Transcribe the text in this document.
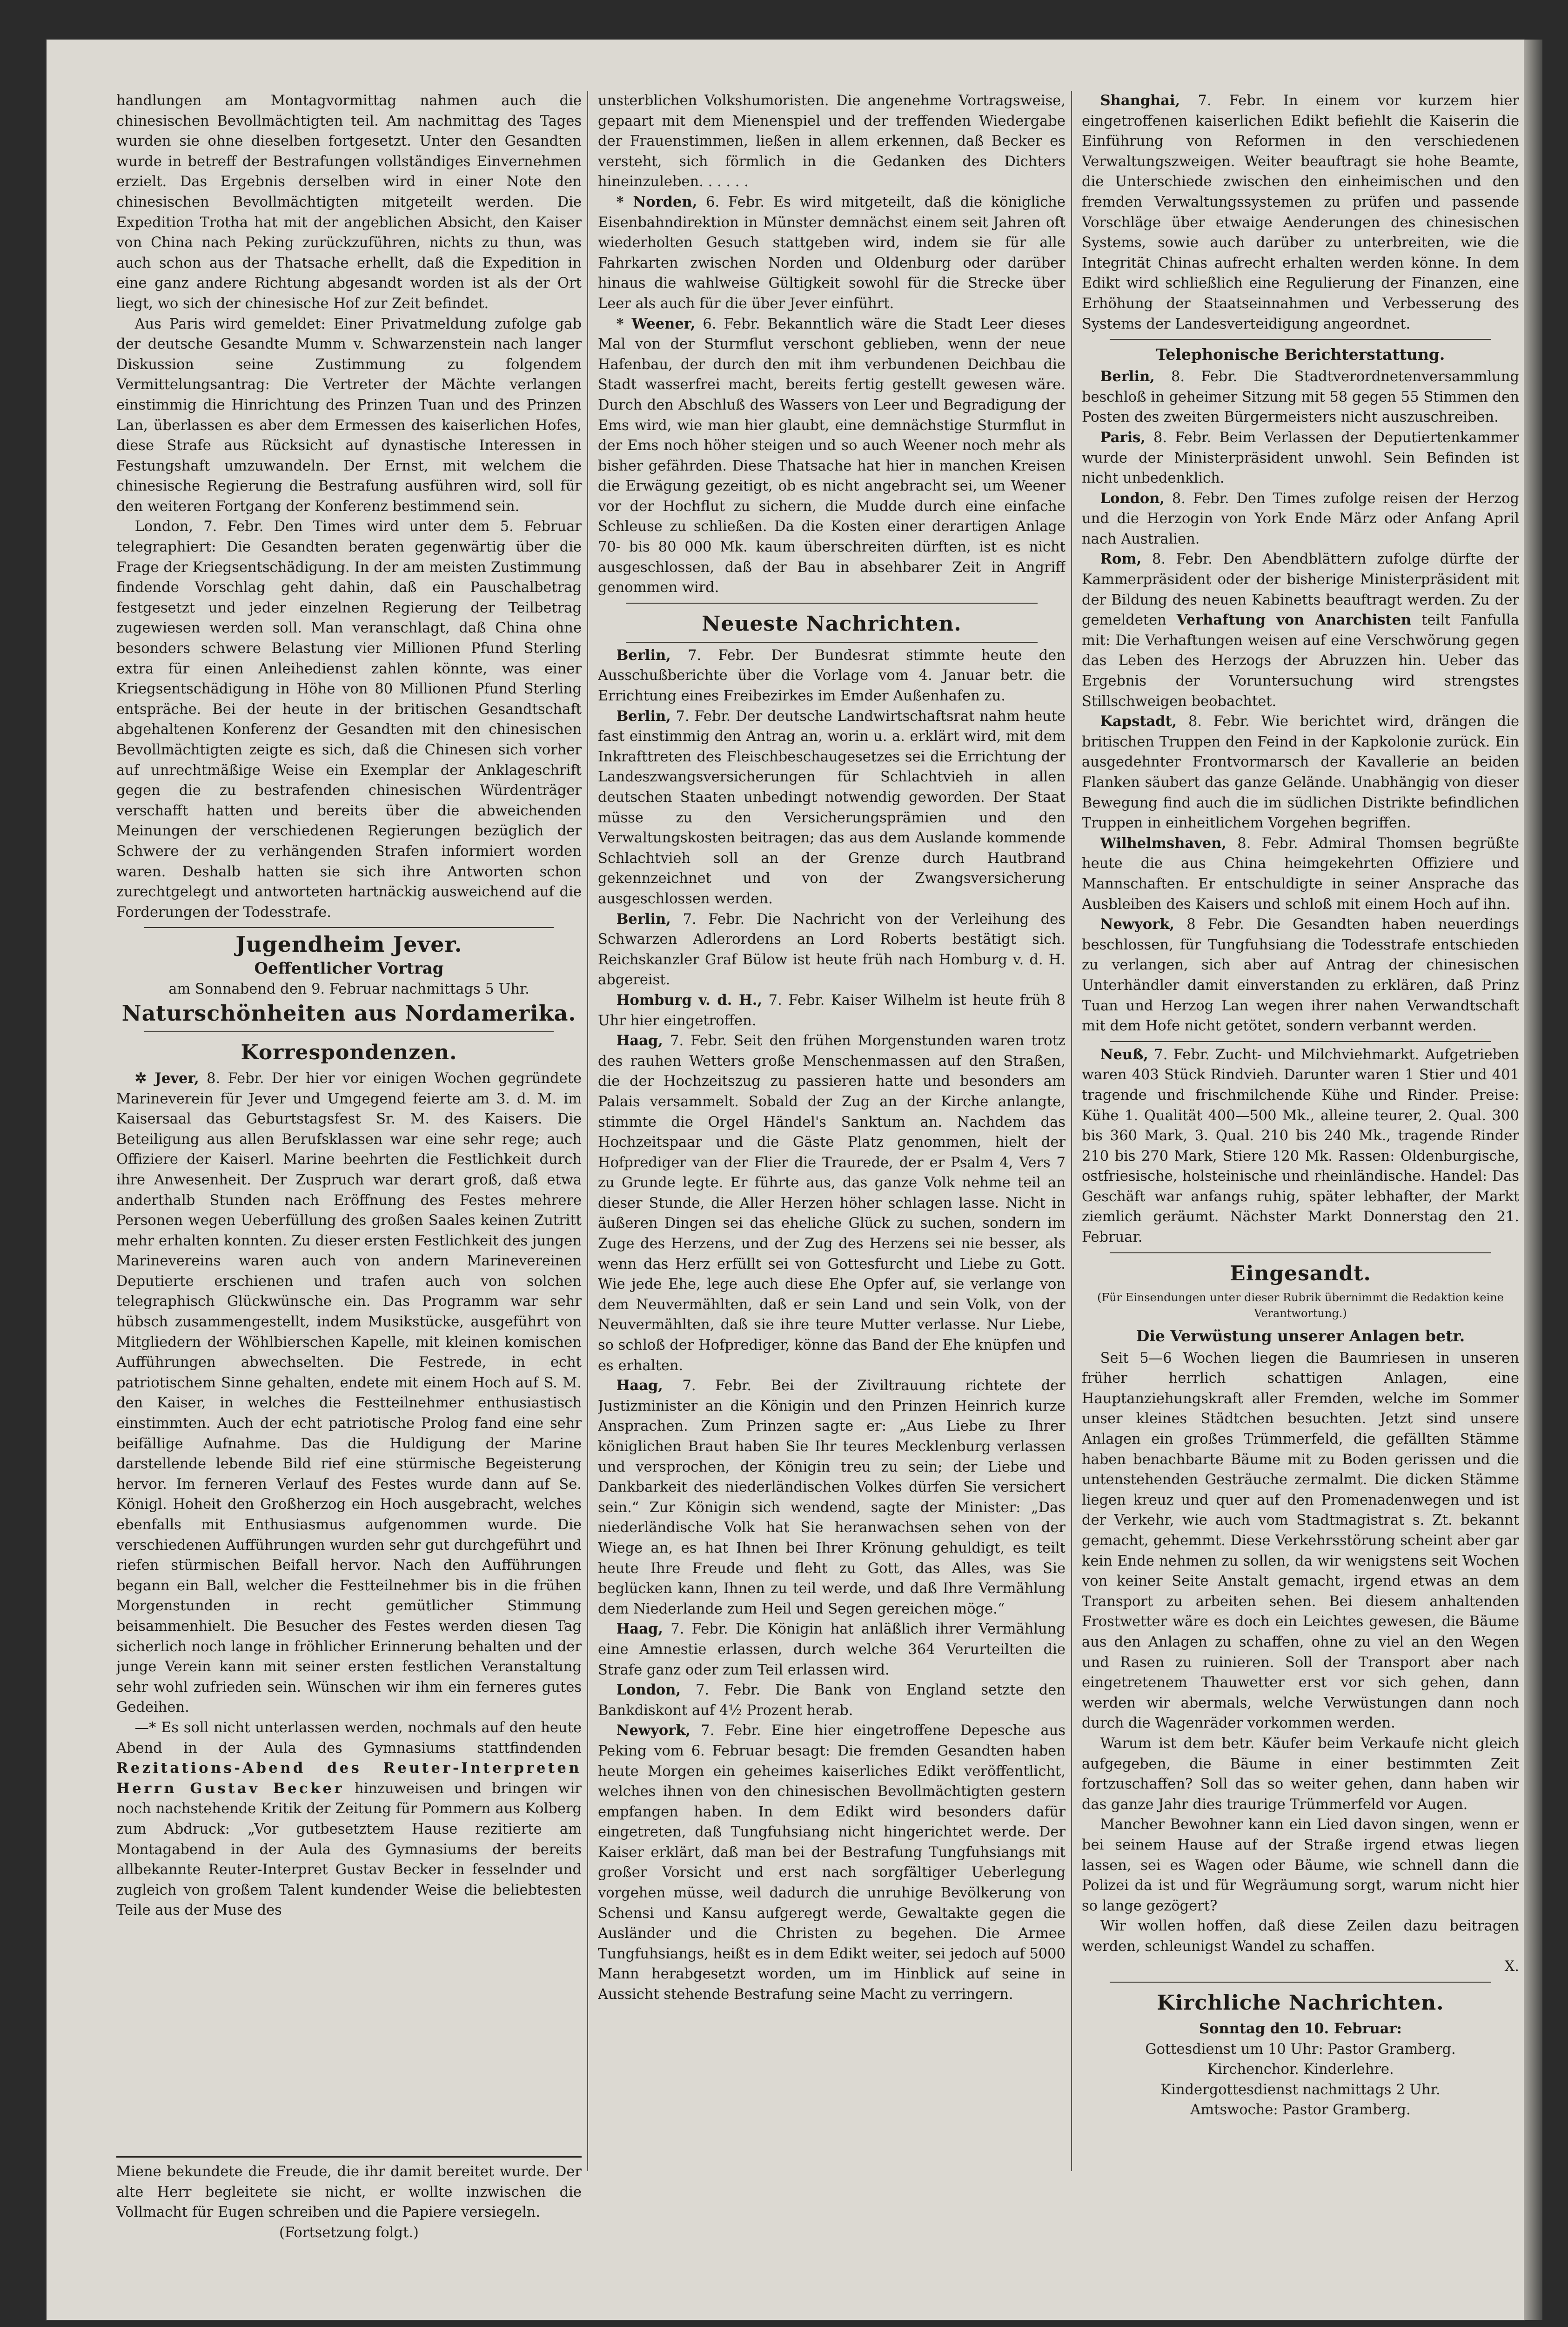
handlungen am Montagvormittag nahmen auch die chinesischen Bevollmächtigten teil. Am nachmittag des Tages wurden sie ohne dieselben fortgesetzt. Unter den Gesandten wurde in betreff der Bestrafungen vollständiges Einvernehmen erzielt. Das Ergebnis derselben wird in einer Note den chinesischen Bevollmächtigten mitgeteilt werden. Die Expedition Trotha hat mit der angeblichen Absicht, den Kaiser von China nach Peking zurückzuführen, nichts zu thun, was auch schon aus der Thatsache erhellt, daß die Expedition in eine ganz andere Richtung abgesandt worden ist als der Ort liegt, wo sich der chinesische Hof zur Zeit befindet.

Aus Paris wird gemeldet: Einer Privatmeldung zufolge gab der deutsche Gesandte Mumm v. Schwarzenstein nach langer Diskussion seine Zustimmung zu folgendem Vermittelungsantrag: Die Vertreter der Mächte verlangen einstimmig die Hinrichtung des Prinzen Tuan und des Prinzen Lan, überlassen es aber dem Ermessen des kaiserlichen Hofes, diese Strafe aus Rücksicht auf dynastische Interessen in Festungshaft umzuwandeln. Der Ernst, mit welchem die chinesische Regierung die Bestrafung ausführen wird, soll für den weiteren Fortgang der Konferenz bestimmend sein.

London, 7. Febr. Den Times wird unter dem 5. Februar telegraphiert: Die Gesandten beraten gegenwärtig über die Frage der Kriegsentschädigung. In der am meisten Zustimmung findende Vorschlag geht dahin, daß ein Pauschalbetrag festgesetzt und jeder einzelnen Regierung der Teilbetrag zugewiesen werden soll. Man veranschlagt, daß China ohne besonders schwere Belastung vier Millionen Pfund Sterling extra für einen Anleihedienst zahlen könnte, was einer Kriegsentschädigung in Höhe von 80 Millionen Pfund Sterling entspräche. Bei der heute in der britischen Gesandtschaft abgehaltenen Konferenz der Gesandten mit den chinesischen Bevollmächtigten zeigte es sich, daß die Chinesen sich vorher auf unrechtmäßige Weise ein Exemplar der Anklageschrift gegen die zu bestrafenden chinesischen Würdenträger verschafft hatten und bereits über die abweichenden Meinungen der verschiedenen Regierungen bezüglich der Schwere der zu verhängenden Strafen informiert worden waren. Deshalb hatten sie sich ihre Antworten schon zurechtgelegt und antworteten hartnäckig ausweichend auf die Forderungen der Todesstrafe.

Jugendheim Jever.
Oeffentlicher Vortrag
am Sonnabend den 9. Februar nachmittags 5 Uhr.
Naturschönheiten aus Nordamerika.
Korrespondenzen.

✲ Jever, 8. Febr. Der hier vor einigen Wochen gegründete Marineverein für Jever und Umgegend feierte am 3. d. M. im Kaisersaal das Geburtstagsfest Sr. M. des Kaisers. Die Beteiligung aus allen Berufsklassen war eine sehr rege; auch Offiziere der Kaiserl. Marine beehrten die Festlichkeit durch ihre Anwesenheit. Der Zuspruch war derart groß, daß etwa anderthalb Stunden nach Eröffnung des Festes mehrere Personen wegen Ueberfüllung des großen Saales keinen Zutritt mehr erhalten konnten. Zu dieser ersten Festlichkeit des jungen Marinevereins waren auch von andern Marinevereinen Deputierte erschienen und trafen auch von solchen telegraphisch Glückwünsche ein. Das Programm war sehr hübsch zusammengestellt, indem Musikstücke, ausgeführt von Mitgliedern der Wöhlbierschen Kapelle, mit kleinen komischen Aufführungen abwechselten. Die Festrede, in echt patriotischem Sinne gehalten, endete mit einem Hoch auf S. M. den Kaiser, in welches die Festteilnehmer enthusiastisch einstimmten. Auch der echt patriotische Prolog fand eine sehr beifällige Aufnahme. Das die Huldigung der Marine darstellende lebende Bild rief eine stürmische Begeisterung hervor. Im ferneren Verlauf des Festes wurde dann auf Se. Königl. Hoheit den Großherzog ein Hoch ausgebracht, welches ebenfalls mit Enthusiasmus aufgenommen wurde. Die verschiedenen Aufführungen wurden sehr gut durchgeführt und riefen stürmischen Beifall hervor. Nach den Aufführungen begann ein Ball, welcher die Festteilnehmer bis in die frühen Morgenstunden in recht gemütlicher Stimmung beisammenhielt. Die Besucher des Festes werden diesen Tag sicherlich noch lange in fröhlicher Erinnerung behalten und der junge Verein kann mit seiner ersten festlichen Veranstaltung sehr wohl zufrieden sein. Wünschen wir ihm ein ferneres gutes Gedeihen.

—* Es soll nicht unterlassen werden, nochmals auf den heute Abend in der Aula des Gymnasiums stattfindenden Rezitations-Abend des Reuter-Interpreten Herrn Gustav Becker hinzuweisen und bringen wir noch nachstehende Kritik der Zeitung für Pommern aus Kolberg zum Abdruck: „Vor gutbesetztem Hause rezitierte am Montagabend in der Aula des Gymnasiums der bereits allbekannte Reuter-Interpret Gustav Becker in fesselnder und zugleich von großem Talent kundender Weise die beliebtesten Teile aus der Muse des

Miene bekundete die Freude, die ihr damit bereitet wurde. Der alte Herr begleitete sie nicht, er wollte inzwischen die Vollmacht für Eugen schreiben und die Papiere versiegeln.

(Fortsetzung folgt.)

unsterblichen Volkshumoristen. Die angenehme Vortragsweise, gepaart mit dem Mienenspiel und der treffenden Wiedergabe der Frauenstimmen, ließen in allem erkennen, daß Becker es versteht, sich förmlich in die Gedanken des Dichters hineinzuleben. . . . . .

* Norden, 6. Febr. Es wird mitgeteilt, daß die königliche Eisenbahndirektion in Münster demnächst einem seit Jahren oft wiederholten Gesuch stattgeben wird, indem sie für alle Fahrkarten zwischen Norden und Oldenburg oder darüber hinaus die wahlweise Gültigkeit sowohl für die Strecke über Leer als auch für die über Jever einführt.

* Weener, 6. Febr. Bekanntlich wäre die Stadt Leer dieses Mal von der Sturmflut verschont geblieben, wenn der neue Hafenbau, der durch den mit ihm verbundenen Deichbau die Stadt wasserfrei macht, bereits fertig gestellt gewesen wäre. Durch den Abschluß des Wassers von Leer und Begradigung der Ems wird, wie man hier glaubt, eine demnächstige Sturmflut in der Ems noch höher steigen und so auch Weener noch mehr als bisher gefährden. Diese Thatsache hat hier in manchen Kreisen die Erwägung gezeitigt, ob es nicht angebracht sei, um Weener vor der Hochflut zu sichern, die Mudde durch eine einfache Schleuse zu schließen. Da die Kosten einer derartigen Anlage 70- bis 80 000 Mk. kaum überschreiten dürften, ist es nicht ausgeschlossen, daß der Bau in absehbarer Zeit in Angriff genommen wird.

Neueste Nachrichten.

Berlin, 7. Febr. Der Bundesrat stimmte heute den Ausschußberichte über die Vorlage vom 4. Januar betr. die Errichtung eines Freibezirkes im Emder Außenhafen zu.

Berlin, 7. Febr. Der deutsche Landwirtschaftsrat nahm heute fast einstimmig den Antrag an, worin u. a. erklärt wird, mit dem Inkrafttreten des Fleischbeschaugesetzes sei die Errichtung der Landeszwangsversicherungen für Schlachtvieh in allen deutschen Staaten unbedingt notwendig geworden. Der Staat müsse zu den Versicherungsprämien und den Verwaltungskosten beitragen; das aus dem Auslande kommende Schlachtvieh soll an der Grenze durch Hautbrand gekennzeichnet und von der Zwangsversicherung ausgeschlossen werden.

Berlin, 7. Febr. Die Nachricht von der Verleihung des Schwarzen Adlerordens an Lord Roberts bestätigt sich. Reichskanzler Graf Bülow ist heute früh nach Homburg v. d. H. abgereist.

Homburg v. d. H., 7. Febr. Kaiser Wilhelm ist heute früh 8 Uhr hier eingetroffen.

Haag, 7. Febr. Seit den frühen Morgenstunden waren trotz des rauhen Wetters große Menschenmassen auf den Straßen, die der Hochzeitszug zu passieren hatte und besonders am Palais versammelt. Sobald der Zug an der Kirche anlangte, stimmte die Orgel Händel's Sanktum an. Nachdem das Hochzeitspaar und die Gäste Platz genommen, hielt der Hofprediger van der Flier die Traurede, der er Psalm 4, Vers 7 zu Grunde legte. Er führte aus, das ganze Volk nehme teil an dieser Stunde, die Aller Herzen höher schlagen lasse. Nicht in äußeren Dingen sei das eheliche Glück zu suchen, sondern im Zuge des Herzens, und der Zug des Herzens sei nie besser, als wenn das Herz erfüllt sei von Gottesfurcht und Liebe zu Gott. Wie jede Ehe, lege auch diese Ehe Opfer auf, sie verlange von dem Neuvermählten, daß er sein Land und sein Volk, von der Neuvermählten, daß sie ihre teure Mutter verlasse. Nur Liebe, so schloß der Hofprediger, könne das Band der Ehe knüpfen und es erhalten.

Haag, 7. Febr. Bei der Ziviltrauung richtete der Justizminister an die Königin und den Prinzen Heinrich kurze Ansprachen. Zum Prinzen sagte er: „Aus Liebe zu Ihrer königlichen Braut haben Sie Ihr teures Mecklenburg verlassen und versprochen, der Königin treu zu sein; der Liebe und Dankbarkeit des niederländischen Volkes dürfen Sie versichert sein.“ Zur Königin sich wendend, sagte der Minister: „Das niederländische Volk hat Sie heranwachsen sehen von der Wiege an, es hat Ihnen bei Ihrer Krönung gehuldigt, es teilt heute Ihre Freude und fleht zu Gott, das Alles, was Sie beglücken kann, Ihnen zu teil werde, und daß Ihre Vermählung dem Niederlande zum Heil und Segen gereichen möge.“

Haag, 7. Febr. Die Königin hat anläßlich ihrer Vermählung eine Amnestie erlassen, durch welche 364 Verurteilten die Strafe ganz oder zum Teil erlassen wird.

London, 7. Febr. Die Bank von England setzte den Bankdiskont auf 4½ Prozent herab.

Newyork, 7. Febr. Eine hier eingetroffene Depesche aus Peking vom 6. Februar besagt: Die fremden Gesandten haben heute Morgen ein geheimes kaiserliches Edikt veröffentlicht, welches ihnen von den chinesischen Bevollmächtigten gestern empfangen haben. In dem Edikt wird besonders dafür eingetreten, daß Tungfuhsiang nicht hingerichtet werde. Der Kaiser erklärt, daß man bei der Bestrafung Tungfuhsiangs mit großer Vorsicht und erst nach sorgfältiger Ueberlegung vorgehen müsse, weil dadurch die unruhige Bevölkerung von Schensi und Kansu aufgeregt werde, Gewaltakte gegen die Ausländer und die Christen zu begehen. Die Armee Tungfuhsiangs, heißt es in dem Edikt weiter, sei jedoch auf 5000 Mann herabgesetzt worden, um im Hinblick auf seine in Aussicht stehende Bestrafung seine Macht zu verringern.

Shanghai, 7. Febr. In einem vor kurzem hier eingetroffenen kaiserlichen Edikt befiehlt die Kaiserin die Einführung von Reformen in den verschiedenen Verwaltungszweigen. Weiter beauftragt sie hohe Beamte, die Unterschiede zwischen den einheimischen und den fremden Verwaltungssystemen zu prüfen und passende Vorschläge über etwaige Aenderungen des chinesischen Systems, sowie auch darüber zu unterbreiten, wie die Integrität Chinas aufrecht erhalten werden könne. In dem Edikt wird schließlich eine Regulierung der Finanzen, eine Erhöhung der Staatseinnahmen und Verbesserung des Systems der Landesverteidigung angeordnet.

Telephonische Berichterstattung.

Berlin, 8. Febr. Die Stadtverordnetenversammlung beschloß in geheimer Sitzung mit 58 gegen 55 Stimmen den Posten des zweiten Bürgermeisters nicht auszuschreiben.

Paris, 8. Febr. Beim Verlassen der Deputiertenkammer wurde der Ministerpräsident unwohl. Sein Befinden ist nicht unbedenklich.

London, 8. Febr. Den Times zufolge reisen der Herzog und die Herzogin von York Ende März oder Anfang April nach Australien.

Rom, 8. Febr. Den Abendblättern zufolge dürfte der Kammerpräsident oder der bisherige Ministerpräsident mit der Bildung des neuen Kabinetts beauftragt werden. Zu der gemeldeten Verhaftung von Anarchisten teilt Fanfulla mit: Die Verhaftungen weisen auf eine Verschwörung gegen das Leben des Herzogs der Abruzzen hin. Ueber das Ergebnis der Voruntersuchung wird strengstes Stillschweigen beobachtet.

Kapstadt, 8. Febr. Wie berichtet wird, drängen die britischen Truppen den Feind in der Kapkolonie zurück. Ein ausgedehnter Frontvormarsch der Kavallerie an beiden Flanken säubert das ganze Gelände. Unabhängig von dieser Bewegung find auch die im südlichen Distrikte befindlichen Truppen in einheitlichem Vorgehen begriffen.

Wilhelmshaven, 8. Febr. Admiral Thomsen begrüßte heute die aus China heimgekehrten Offiziere und Mannschaften. Er entschuldigte in seiner Ansprache das Ausbleiben des Kaisers und schloß mit einem Hoch auf ihn.

Newyork, 8 Febr. Die Gesandten haben neuerdings beschlossen, für Tungfuhsiang die Todesstrafe entschieden zu verlangen, sich aber auf Antrag der chinesischen Unterhändler damit einverstanden zu erklären, daß Prinz Tuan und Herzog Lan wegen ihrer nahen Verwandtschaft mit dem Hofe nicht getötet, sondern verbannt werden.

Neuß, 7. Febr. Zucht- und Milchviehmarkt. Aufgetrieben waren 403 Stück Rindvieh. Darunter waren 1 Stier und 401 tragende und frischmilchende Kühe und Rinder. Preise: Kühe 1. Qualität 400—500 Mk., alleine teurer, 2. Qual. 300 bis 360 Mark, 3. Qual. 210 bis 240 Mk., tragende Rinder 210 bis 270 Mark, Stiere 120 Mk. Rassen: Oldenburgische, ostfriesische, holsteinische und rheinländische. Handel: Das Geschäft war anfangs ruhig, später lebhafter, der Markt ziemlich geräumt. Nächster Markt Donnerstag den 21. Februar.

Eingesandt.
(Für Einsendungen unter dieser Rubrik übernimmt die Redaktion keine Verantwortung.)
Die Verwüstung unserer Anlagen betr.

Seit 5—6 Wochen liegen die Baumriesen in unseren früher herrlich schattigen Anlagen, eine Hauptanziehungskraft aller Fremden, welche im Sommer unser kleines Städtchen besuchten. Jetzt sind unsere Anlagen ein großes Trümmerfeld, die gefällten Stämme haben benachbarte Bäume mit zu Boden gerissen und die untenstehenden Gesträuche zermalmt. Die dicken Stämme liegen kreuz und quer auf den Promenadenwegen und ist der Verkehr, wie auch vom Stadtmagistrat s. Zt. bekannt gemacht, gehemmt. Diese Verkehrsstörung scheint aber gar kein Ende nehmen zu sollen, da wir wenigstens seit Wochen von keiner Seite Anstalt gemacht, irgend etwas an dem Transport zu arbeiten sehen. Bei diesem anhaltenden Frostwetter wäre es doch ein Leichtes gewesen, die Bäume aus den Anlagen zu schaffen, ohne zu viel an den Wegen und Rasen zu ruinieren. Soll der Transport aber nach eingetretenem Thauwetter erst vor sich gehen, dann werden wir abermals, welche Verwüstungen dann noch durch die Wagenräder vorkommen werden.

Warum ist dem betr. Käufer beim Verkaufe nicht gleich aufgegeben, die Bäume in einer bestimmten Zeit fortzuschaffen? Soll das so weiter gehen, dann haben wir das ganze Jahr dies traurige Trümmerfeld vor Augen.

Mancher Bewohner kann ein Lied davon singen, wenn er bei seinem Hause auf der Straße irgend etwas liegen lassen, sei es Wagen oder Bäume, wie schnell dann die Polizei da ist und für Wegräumung sorgt, warum nicht hier so lange gezögert?

Wir wollen hoffen, daß diese Zeilen dazu beitragen werden, schleunigst Wandel zu schaffen.

X.
Kirchliche Nachrichten.
Sonntag den 10. Februar:
Gottesdienst um 10 Uhr: Pastor Gramberg.
Kirchenchor. Kinderlehre.
Kindergottesdienst nachmittags 2 Uhr.
Amtswoche: Pastor Gramberg.
